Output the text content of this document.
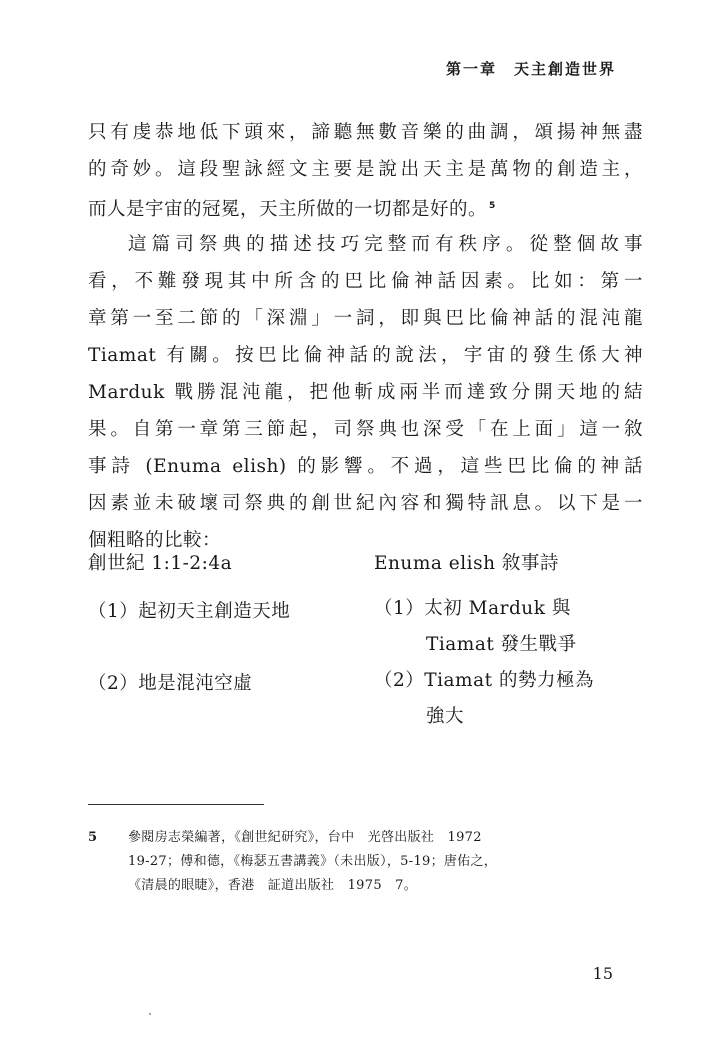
第一章　天主創造世界
只有虔恭地低下頭來，諦聽無數音樂的曲調，頌揚神無盡
的奇妙。這段聖詠經文主要是說出天主是萬物的創造主，
而人是宇宙的冠冕，天主所做的一切都是好的。 $^5$
這篇司祭典的描述技巧完整而有秩序。從整個故事
看，不難發現其中所含的巴比倫神話因素。比如：第一
章第一至二節的「深淵」一詞，即與巴比倫神話的混沌龍
Tiamat 有關。按巴比倫神話的說法，宇宙的發生係大神
Marduk 戰勝混沌龍，把他斬成兩半而達致分開天地的結
果。自第一章第三節起，司祭典也深受「在上面」這一敘
事詩 (Enuma elish) 的影響。不過，這些巴比倫的神話
因素並未破壞司祭典的創世紀內容和獨特訊息。以下是一
個粗略的比較：
創世紀 1:1-2:4a	Enuma elish 敘事詩
（1）起初天主創造天地	（1）太初 Marduk 與
Tiamat 發生戰爭
（2）地是混沌空虛	（2）Tiamat 的勢力極為
強大
5 參閱房志榮編著，《創世紀研究》，台中　光啓出版社　1972
19-27；傅和德，《梅瑟五書講義》（未出版），5-19；唐佑之，
《清晨的眼睫》，香港　証道出版社　1975　7。
15
